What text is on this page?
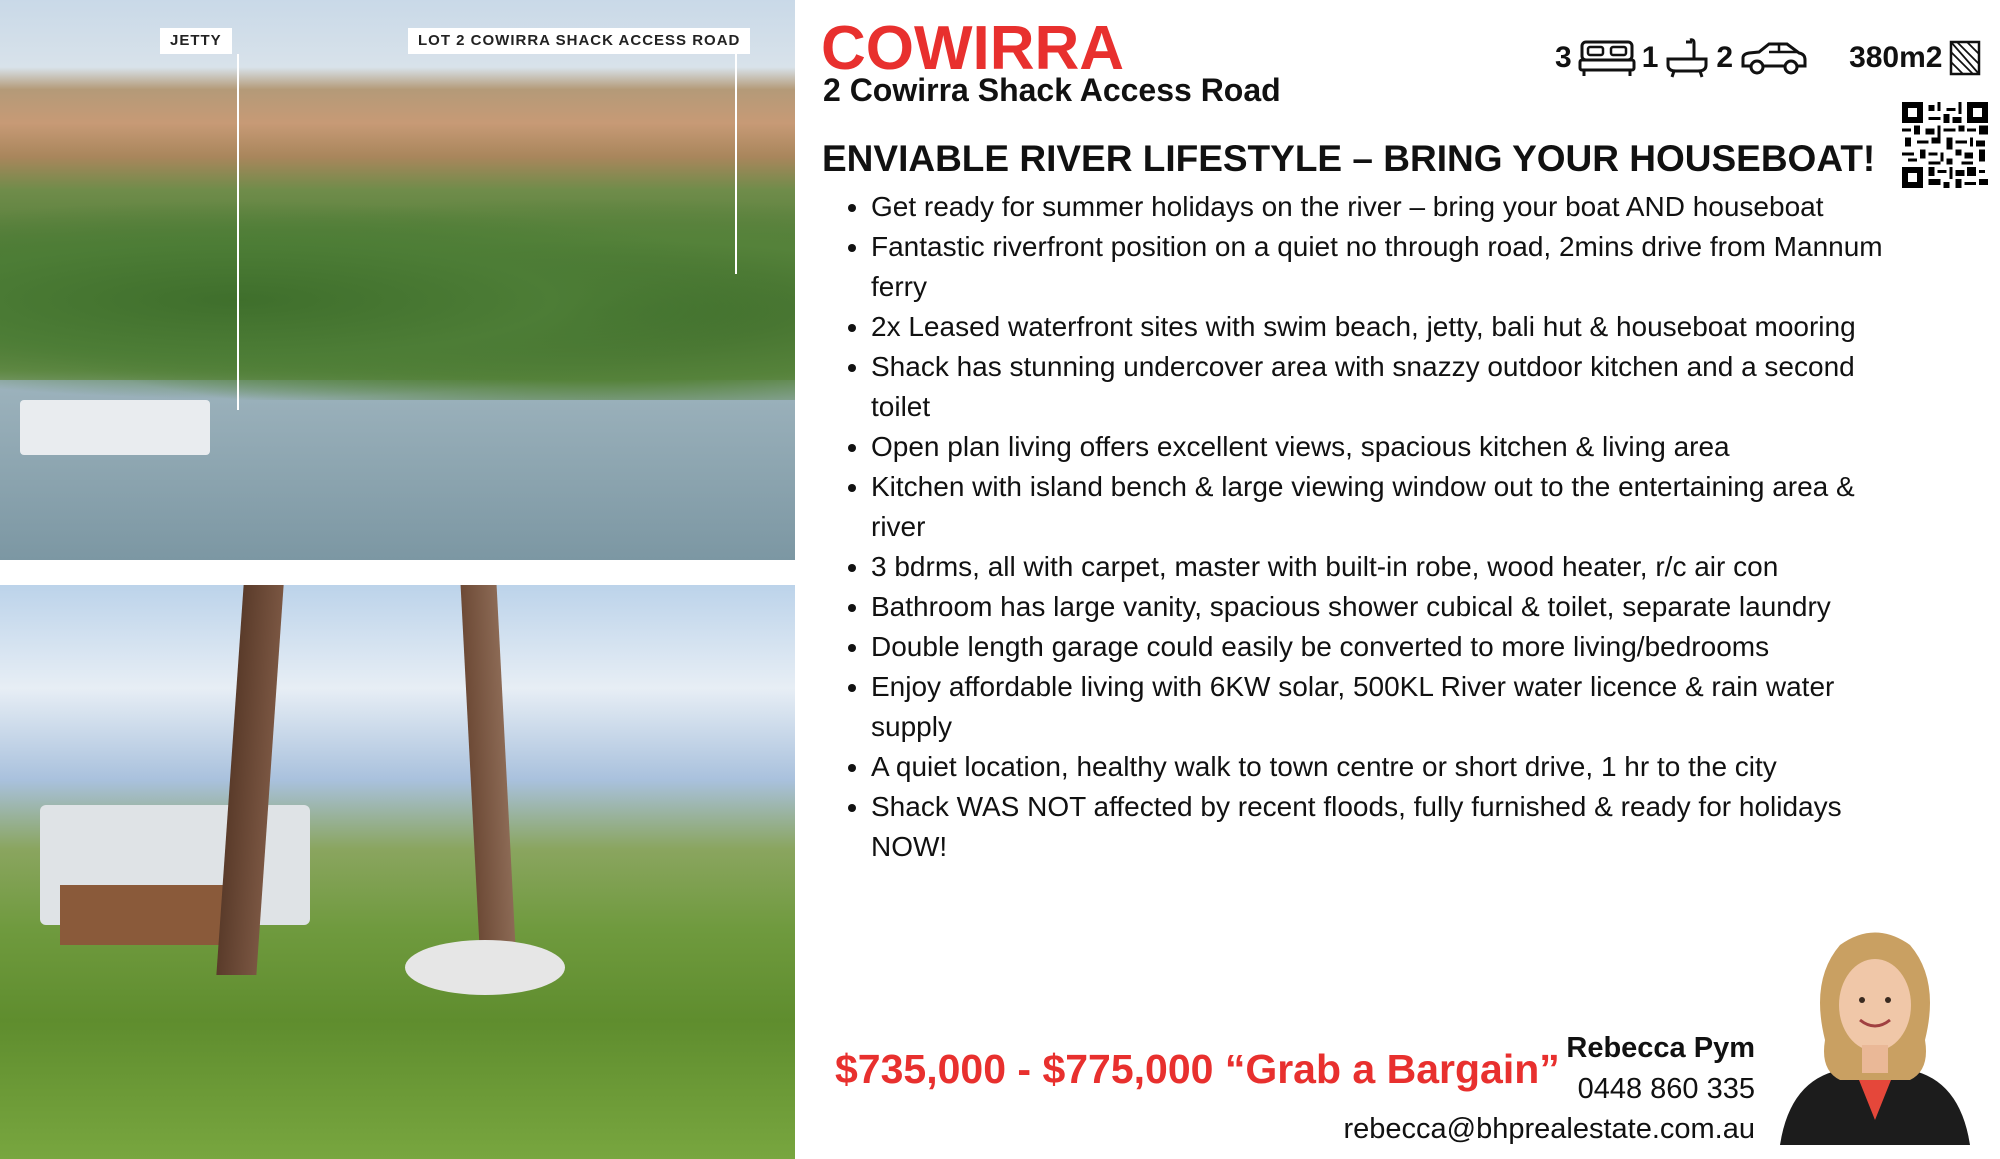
JETTY	LOT 2 COWIRRA SHACK ACCESS ROAD COWIRRA
2 Cowirra Shack Access Road
3 1 2	380m2
ENVIABLE RIVER LIFESTYLE – BRING YOUR HOUSEBOAT!
• Get ready for summer holidays on the river – bring your boat AND houseboat
• Fantastic riverfront position on a quiet no through road, 2mins drive from Mannum ferry
• 2x Leased waterfront sites with swim beach, jetty, bali hut & houseboat mooring
• Shack has stunning undercover area with snazzy outdoor kitchen and a second toilet
• Open plan living offers excellent views, spacious kitchen & living area
• Kitchen with island bench & large viewing window out to the entertaining area & river
• 3 bdrms, all with carpet, master with built-in robe, wood heater, r/c air con
• Bathroom has large vanity, spacious shower cubical & toilet, separate laundry
• Double length garage could easily be converted to more living/bedrooms
• Enjoy affordable living with 6KW solar, 500KL River water licence & rain water supply
• A quiet location, healthy walk to town centre or short drive, 1 hr to the city
• Shack WAS NOT affected by recent floods, fully furnished & ready for holidays NOW!

$735,000 - $775,000 “Grab a Bargain” Rebecca Pym
0448 860 335
rebecca@bhprealestate.com.au
